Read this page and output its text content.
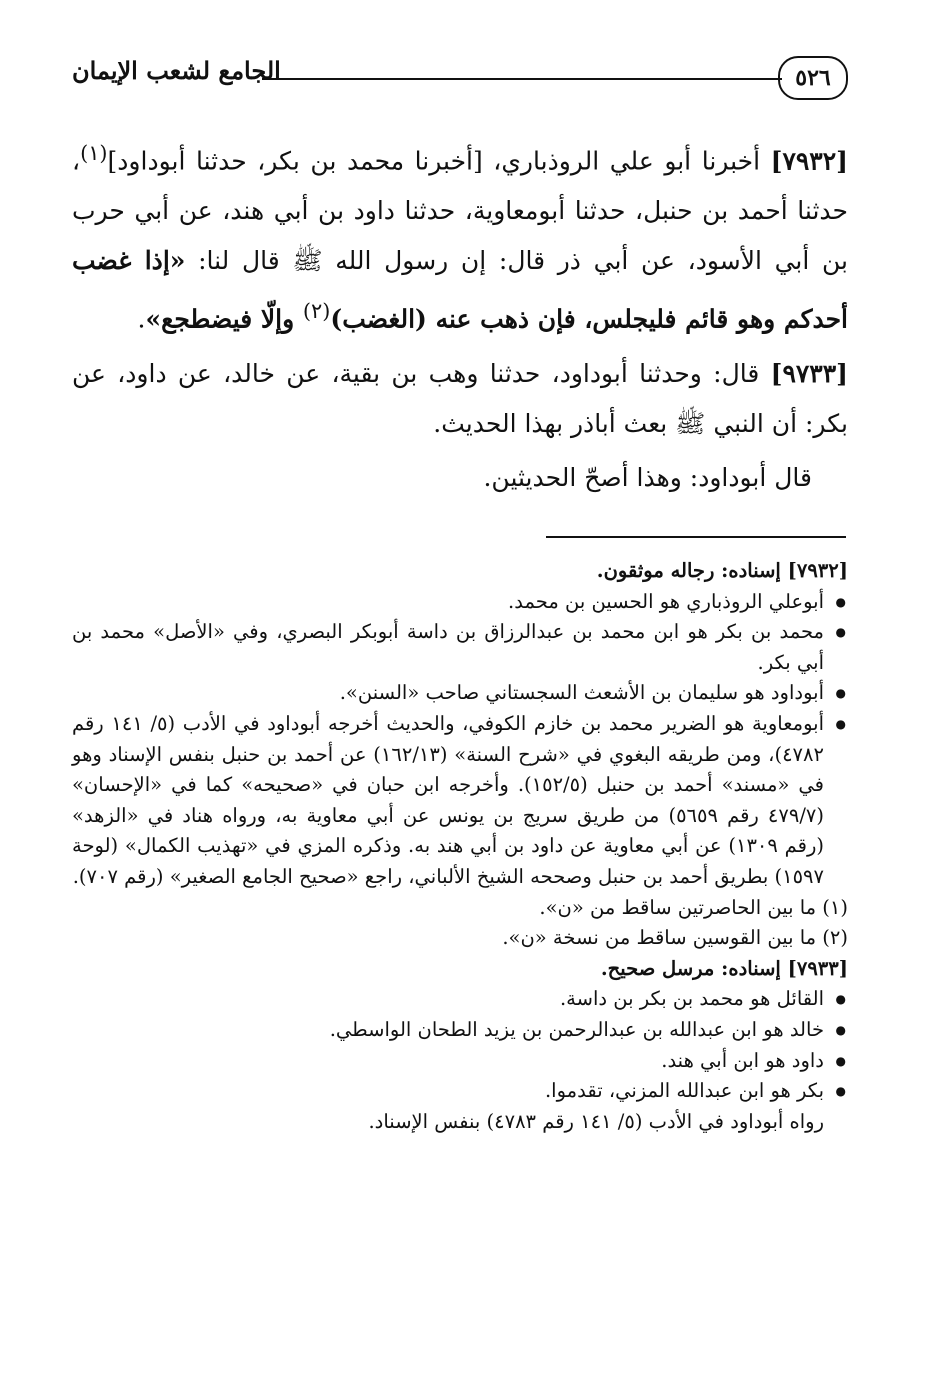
٥٢٦
الجامع لشعب الإيمان

[٧٩٣٢] أخبرنا أبو علي الروذباري، [أخبرنا محمد بن بكر، حدثنا أبوداود]$^{(١)}$، حدثنا أحمد بن حنبل، حدثنا أبومعاوية، حدثنا داود بن أبي هند، عن أبي حرب بن أبي الأسود، عن أبي ذر قال: إن رسول الله ﷺ قال لنا: «إذا غضب أحدكم وهو قائم فليجلس، فإن ذهب عنه (الغضب)$^{(٢)}$ وإلّا فيضطجع».

[٩٧٣٣] قال: وحدثنا أبوداود، حدثنا وهب بن بقية، عن خالد، عن داود، عن بكر: أن النبي ﷺ بعث أباذر بهذا الحديث.

قال أبوداود: وهذا أصحّ الحديثين.

[٧٩٣٢] إسناده: رجاله موثقون.

● أبوعلي الروذباري هو الحسين بن محمد.
● محمد بن بكر هو ابن محمد بن عبدالرزاق بن داسة أبوبكر البصري، وفي «الأصل» محمد بن أبي بكر.
● أبوداود هو سليمان بن الأشعث السجستاني صاحب «السنن».
● أبومعاوية هو الضرير محمد بن خازم الكوفي، والحديث أخرجه أبوداود في الأدب (٥/ ١٤١ رقم ٤٧٨٢)، ومن طريقه البغوي في «شرح السنة» (١٦٢/١٣) عن أحمد بن حنبل بنفس الإسناد وهو في «مسند» أحمد بن حنبل (١٥٢/٥). وأخرجه ابن حبان في «صحيحه» كما في «الإحسان» (٤٧٩/٧ رقم ٥٦٥٩) من طريق سريج بن يونس عن أبي معاوية به، ورواه هناد في «الزهد» (رقم ١٣٠٩) عن أبي معاوية عن داود بن أبي هند به. وذكره المزي في «تهذيب الكمال» (لوحة ١٥٩٧) بطريق أحمد بن حنبل وصححه الشيخ الألباني، راجع «صحيح الجامع الصغير» (رقم ٧٠٧).

(١) ما بين الحاصرتين ساقط من «ن».

(٢) ما بين القوسين ساقط من نسخة «ن».

[٧٩٣٣] إسناده: مرسل صحيح.

● القائل هو محمد بن بكر بن داسة.
● خالد هو ابن عبدالله بن عبدالرحمن بن يزيد الطحان الواسطي.
● داود هو ابن أبي هند.
● بكر هو ابن عبدالله المزني، تقدموا.

رواه أبوداود في الأدب (٥/ ١٤١ رقم ٤٧٨٣) بنفس الإسناد.
